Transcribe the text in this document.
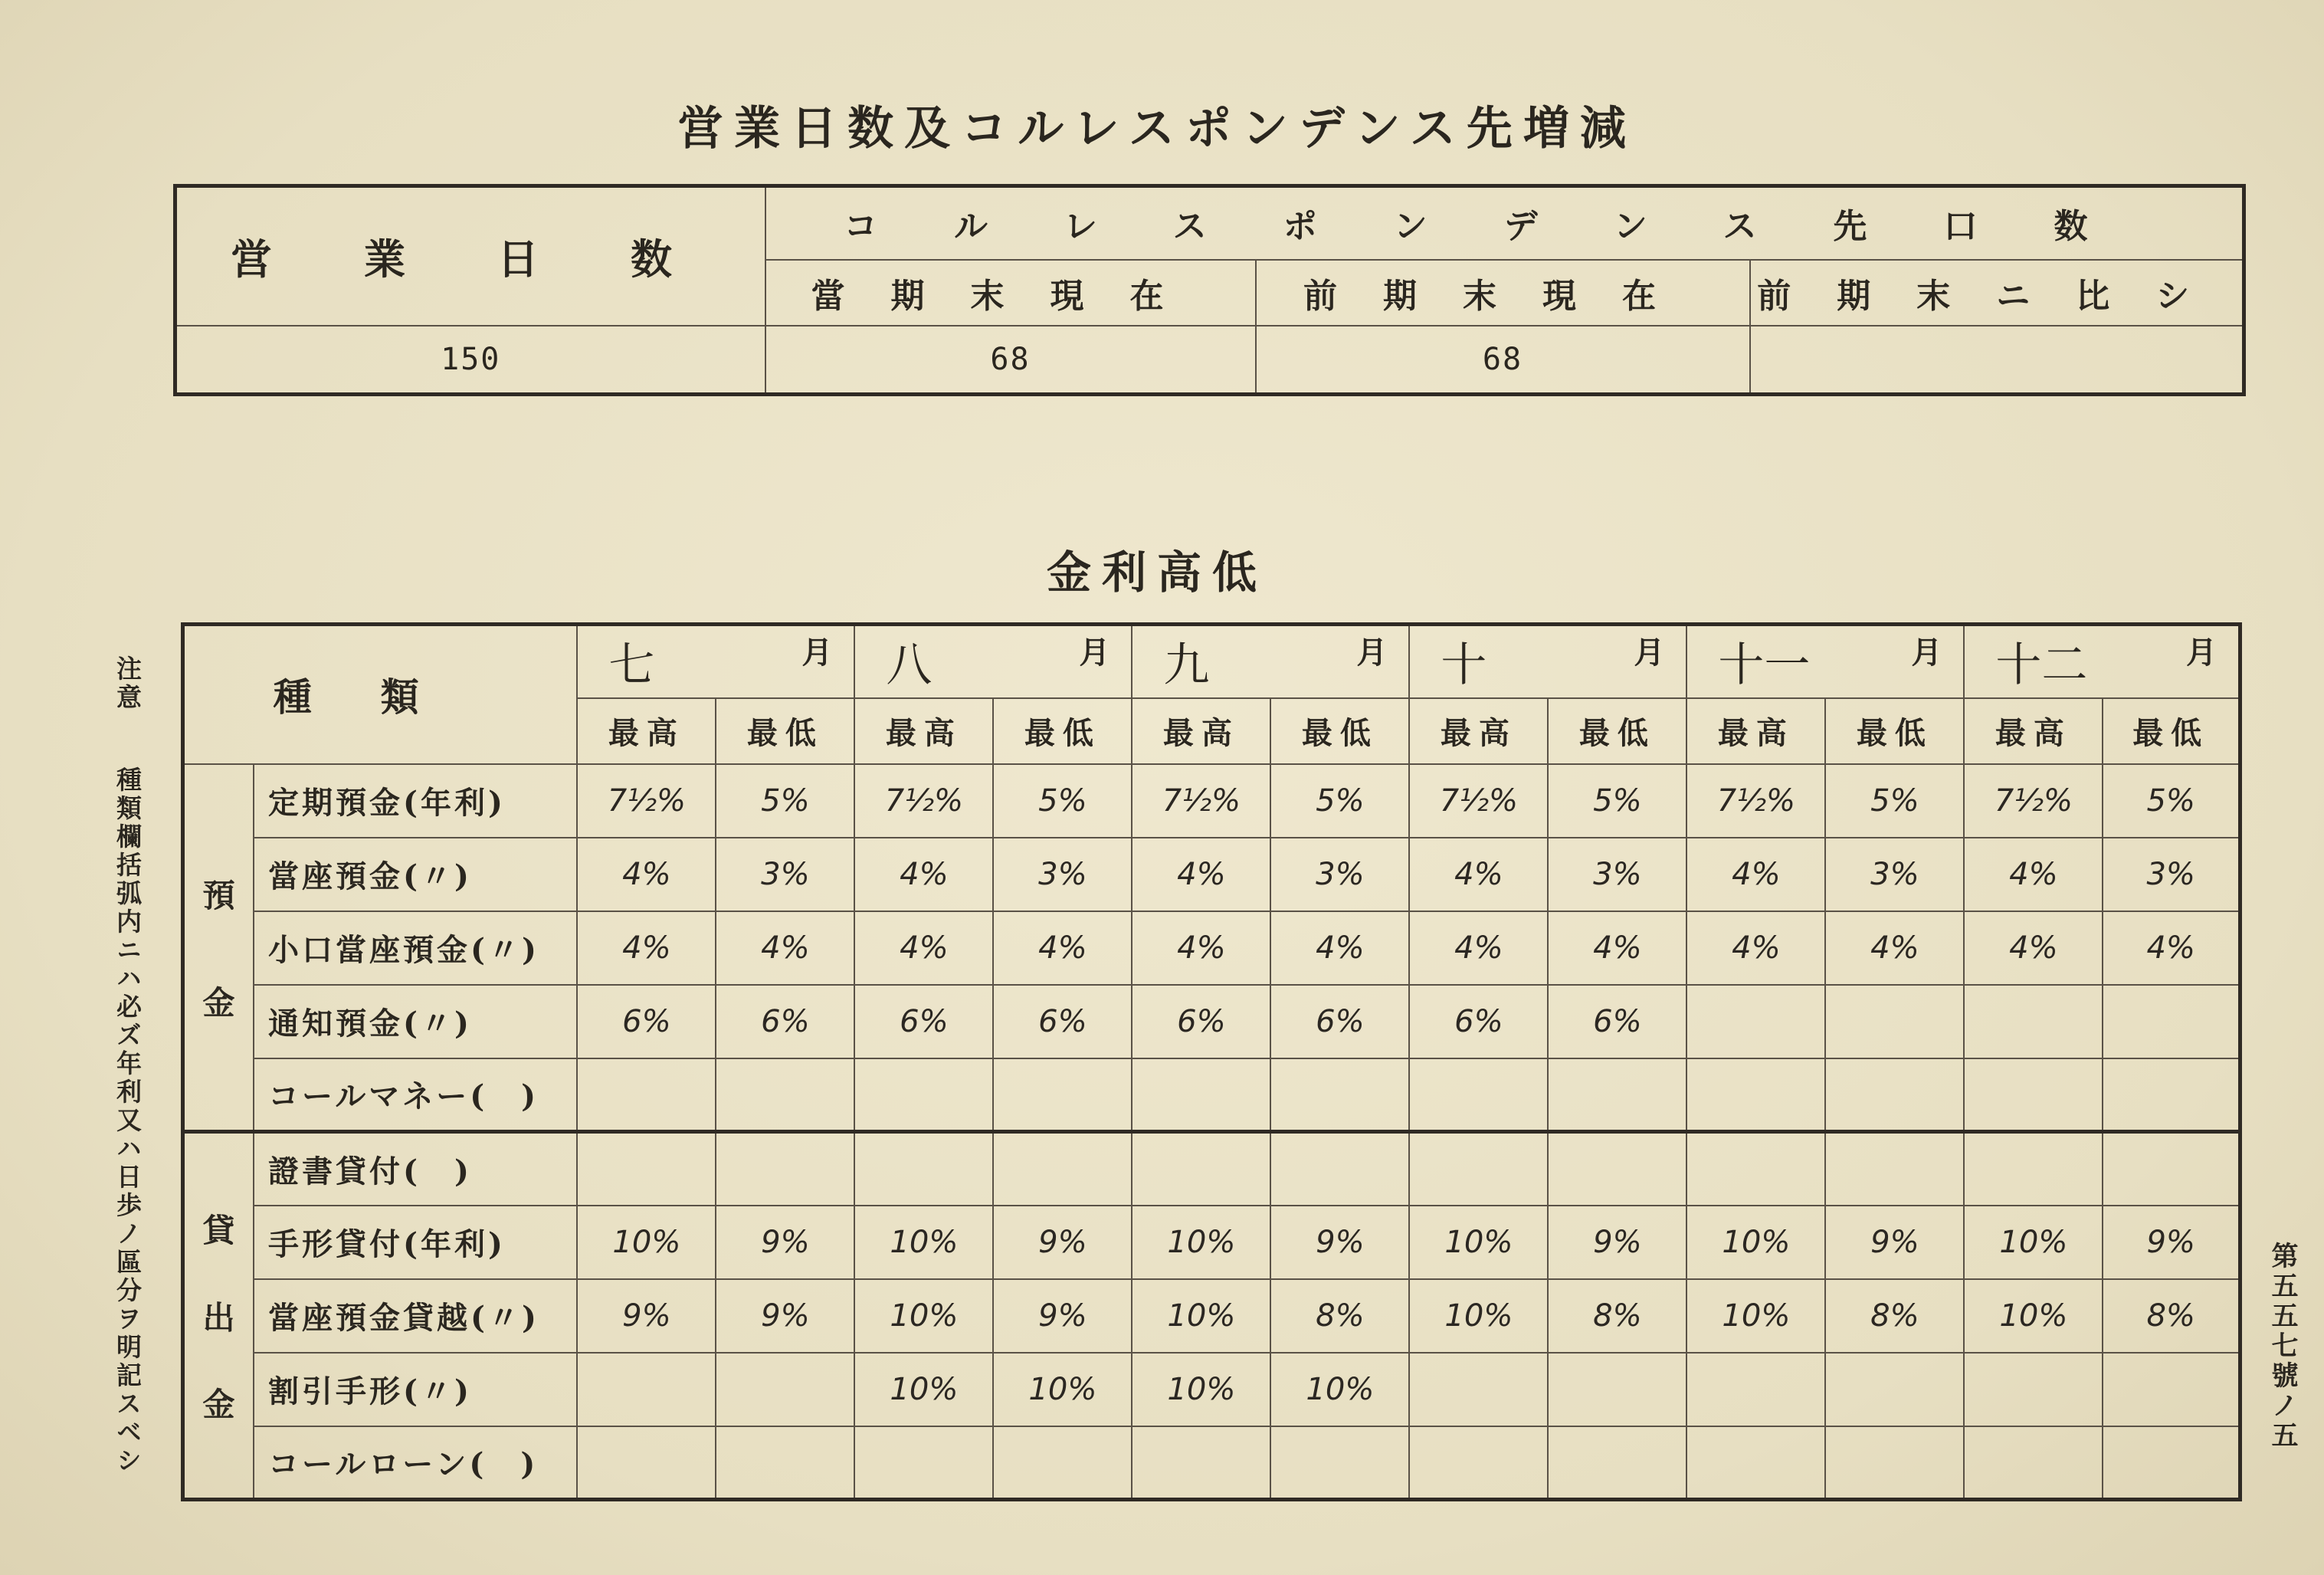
営業日数及コルレスポンデンス先増減
営業日数	コルレスポンデンス先口数		
	當期末現在	前期末現在	前期末ニ比シ
150	68	68	
金利高低
種類		七 月		八 月		九 月		十 月		十一 月		十二 月	

		最高	最低	最高	最低	最高	最低	最高	最低	最高	最低	最高	最低

預
金	定期預金(年利)	7½%	5%	7½%	5%	7½%	5%	7½%	5%	7½%	5%	7½%	5%
	當座預金(〃)	4%	3%	4%	3%	4%	3%	4%	3%	4%	3%	4%	3%
	小口當座預金(〃)	4%	4%	4%	4%	4%	4%	4%	4%	4%	4%	4%	4%
	通知預金(〃)	6%	6%	6%	6%	6%	6%	6%	6%				
	コールマネー(　)												

貸
出
金	證書貸付(　)												
	手形貸付(年利)	10%	9%	10%	9%	10%	9%	10%	9%	10%	9%	10%	9%
	當座預金貸越(〃)	9%	9%	10%	9%	10%	8%	10%	8%	10%	8%	10%	8%
	割引手形(〃)			10%	10%	10%	10%						
	コールローン(　)												
注意
種類欄括弧内ニハ必ズ年利又ハ日歩ノ區分ヲ明記スベシ	第五五七號ノ五
